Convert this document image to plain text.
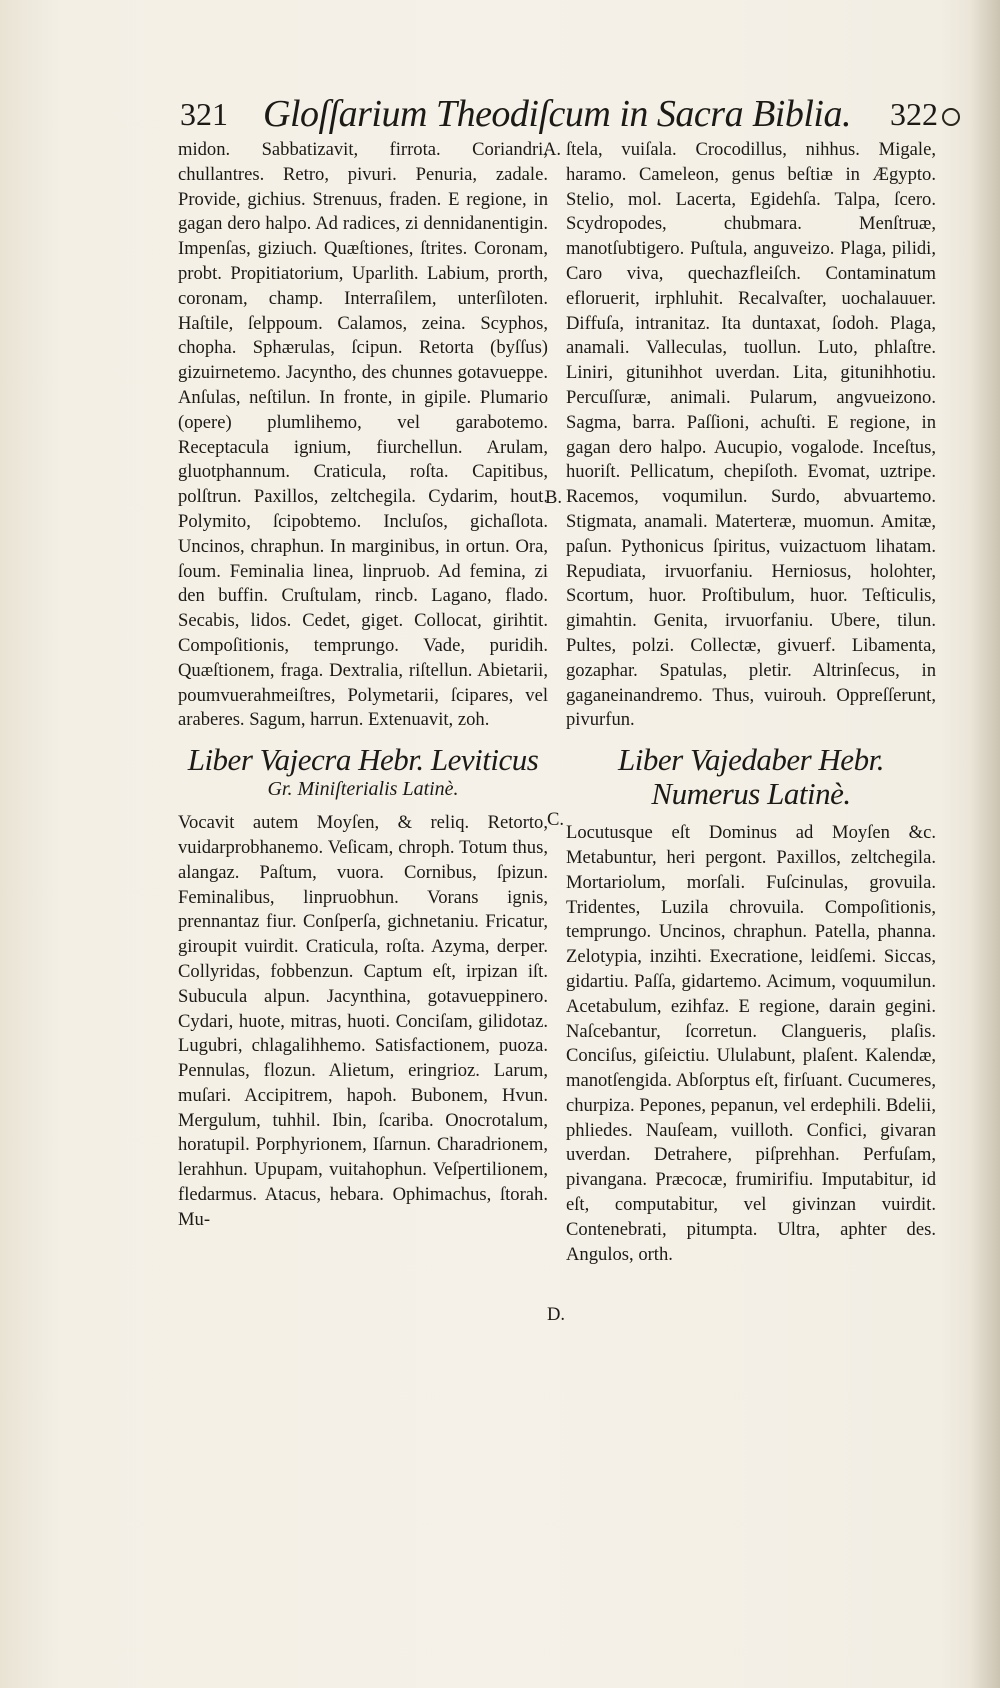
321 Gloſſarium Theodiſcum in Sacra Biblia.	322
A.
B.
C.
D.

midon. Sabbatizavit, firrota. Coriandri, chullantres. Retro, pivuri. Penuria, zadale. Provide, gichius. Strenuus, fraden. E regione, in gagan dero halpo. Ad radices, zi dennidanentigin. Impenſas, giziuch. Quæſtiones, ſtrites. Coronam, probt. Propitiatorium, Uparlith. Labium, prorth, coronam, champ. Interraſilem, unterſiloten. Haſtile, ſelppoum. Calamos, zeina. Scyphos, chopha. Sphærulas, ſcipun. Retorta (byſſus) gizuirnetemo. Jacyntho, des chunnes gotavueppe. Anſulas, neſtilun. In fronte, in gipile. Plumario (opere) plumlihemo, vel garabotemo. Receptacula ignium, fiurchellun. Arulam, gluotphannum. Craticula, roſta. Capitibus, polſtrun. Paxillos, zeltchegila. Cydarim, hout. Polymito, ſcipobtemo. Incluſos, gichaſlota. Uncinos, chraphun. In marginibus, in ortun. Ora, ſoum. Feminalia linea, linpruob. Ad femina, zi den buffin. Cruſtulam, rincb. Lagano, flado. Secabis, lidos. Cedet, giget. Collocat, girihtit. Compoſitionis, temprungo. Vade, puridih. Quæſtionem, fraga. Dextralia, riſtellun. Abietarii, poumvuerahmeiſtres, Polymetarii, ſcipares, vel araberes. Sagum, harrun. Extenuavit, zoh.

Liber Vajecra Hebr. Leviticus
Gr. Miniſterialis Latinè.

Vocavit autem Moyſen, & reliq. Retorto, vuidarprobhanemo. Veſicam, chroph. Totum thus, alangaz. Paſtum, vuora. Cornibus, ſpizun. Feminalibus, linpruobhun. Vorans ignis, prennantaz fiur. Conſperſa, gichnetaniu. Fricatur, giroupit vuirdit. Craticula, roſta. Azyma, derper. Collyridas, fobbenzun. Captum eſt, irpizan iſt. Subucula alpun. Jacynthina, gotavueppinero. Cydari, huote, mitras, huoti. Conciſam, gilidotaz. Lugubri, chlagalihhemo. Satisfactionem, puoza. Pennulas, flozun. Alietum, eringrioz. Larum, muſari. Accipitrem, hapoh. Bubonem, Hvun. Mergulum, tuhhil. Ibin, ſcariba. Onocrotalum, horatupil. Porphyrionem, Iſarnun. Charadrionem, lerahhun. Upupam, vuitahophun. Veſpertilionem, fledarmus. Atacus, hebara. Ophimachus, ſtorah. Mu-

ſtela, vuiſala. Crocodillus, nihhus. Migale, haramo. Cameleon, genus beſtiæ in Ægypto. Stelio, mol. Lacerta, Egidehſa. Talpa, ſcero. Scydropodes, chubmara. Menſtruæ, manotſubtigero. Puſtula, anguveizo. Plaga, pilidi, Caro viva, quechazfleiſch. Contaminatum efloruerit, irphluhit. Recalvaſter, uochalauuer. Diffuſa, intranitaz. Ita duntaxat, ſodoh. Plaga, anamali. Valleculas, tuollun. Luto, phlaſtre. Liniri, gitunihhot uverdan. Lita, gitunihhotiu. Percuſſuræ, animali. Pularum, angvueizono. Sagma, barra. Paſſioni, achuſti. E regione, in gagan dero halpo. Aucupio, vogalode. Inceſtus, huoriſt. Pellicatum, chepiſoth. Evomat, uztripe. Racemos, voqumilun. Surdo, abvuartemo. Stigmata, anamali. Materteræ, muomun. Amitæ, paſun. Pythonicus ſpiritus, vuizactuom lihatam. Repudiata, irvuorfaniu. Herniosus, holohter, Scortum, huor. Proſtibulum, huor. Teſticulis, gimahtin. Genita, irvuorfaniu. Ubere, tilun. Pultes, polzi. Collectæ, givuerf. Libamenta, gozaphar. Spatulas, pletir. Altrinſecus, in gaganeinandremo. Thus, vuirouh. Oppreſſerunt, pivurfun.

Liber Vajedaber Hebr. Numerus Latinè.

Locutusque eſt Dominus ad Moyſen &c. Metabuntur, heri pergont. Paxillos, zeltchegila. Mortariolum, morſali. Fuſcinulas, grovuila. Tridentes, Luzila chrovuila. Compoſitionis, temprungo. Uncinos, chraphun. Patella, phanna. Zelotypia, inzihti. Execratione, leidſemi. Siccas, gidartiu. Paſſa, gidartemo. Acimum, voquumilun. Acetabulum, ezihfaz. E regione, darain gegini. Naſcebantur, ſcorretun. Clangueris, plaſis. Conciſus, giſeictiu. Ululabunt, plaſent. Kalendæ, manotſengida. Abſorptus eſt, firſuant. Cucumeres, churpiza. Pepones, pepanun, vel erdephili. Bdelii, phliedes. Nauſeam, vuilloth. Confici, givaran uverdan. Detrahere, piſprehhan. Perfuſam, pivangana. Præcocæ, frumirifiu. Imputabitur, id eſt, computabitur, vel givinzan vuirdit. Contenebrati, pitumpta. Ultra, aphter des. Angulos, orth.
